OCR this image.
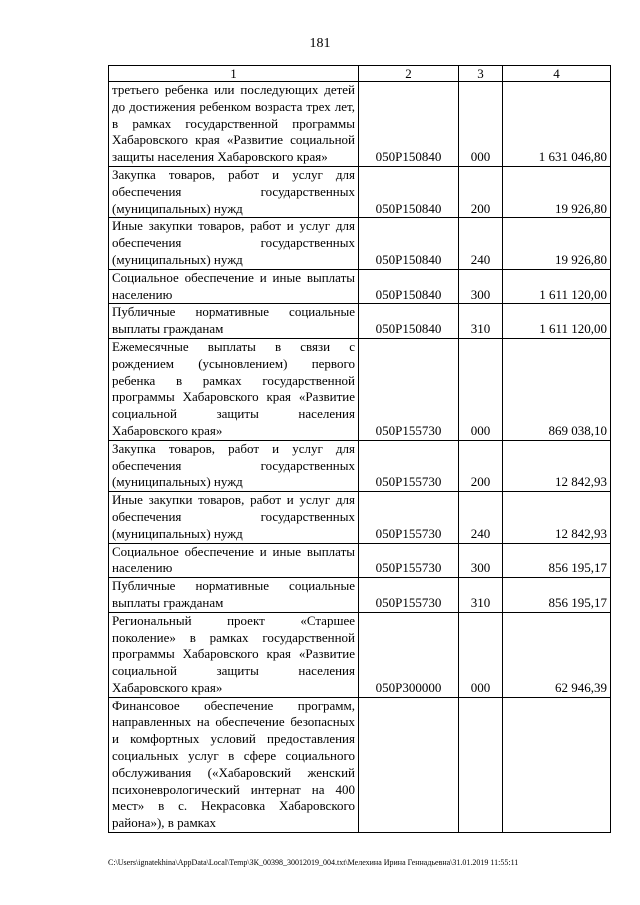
181
1	2	3	4
третьего ребенка или последующих детей до достижения ребенком возраста трех лет, в рамках государственной программы Хабаровского края «Развитие социальной защиты населения Хабаровского края»	050P150840	000	1 631 046,80
Закупка товаров, работ и услуг для обеспечения государственных (муниципальных) нужд	050P150840	200	19 926,80
Иные закупки товаров, работ и услуг для обеспечения государственных (муниципальных) нужд	050P150840	240	19 926,80
Социальное обеспечение и иные выплаты населению	050P150840	300	1 611 120,00
Публичные нормативные социальные выплаты гражданам	050P150840	310	1 611 120,00
Ежемесячные выплаты в связи с рождением (усыновлением) первого ребенка в рамках государственной программы Хабаровского края «Развитие социальной защиты населения Хабаровского края»	050P155730	000	869 038,10
Закупка товаров, работ и услуг для обеспечения государственных (муниципальных) нужд	050P155730	200	12 842,93
Иные закупки товаров, работ и услуг для обеспечения государственных (муниципальных) нужд	050P155730	240	12 842,93
Социальное обеспечение и иные выплаты населению	050P155730	300	856 195,17
Публичные нормативные социальные выплаты гражданам	050P155730	310	856 195,17
Региональный проект «Старшее поколение» в рамках государственной программы Хабаровского края «Развитие социальной защиты населения Хабаровского края»	050P300000	000	62 946,39
Финансовое обеспечение программ, направленных на обеспечение безопасных и комфортных условий предоставления социальных услуг в сфере социального обслуживания («Хабаровский женский психоневрологический интернат на 400 мест» в с. Некрасовка Хабаровского района»), в рамках			
C:\Users\ignatekhina\AppData\Local\Temp\ЗК_00398_30012019_004.txt\Мелехина Ирина Геннадьевна\31.01.2019 11:55:11
